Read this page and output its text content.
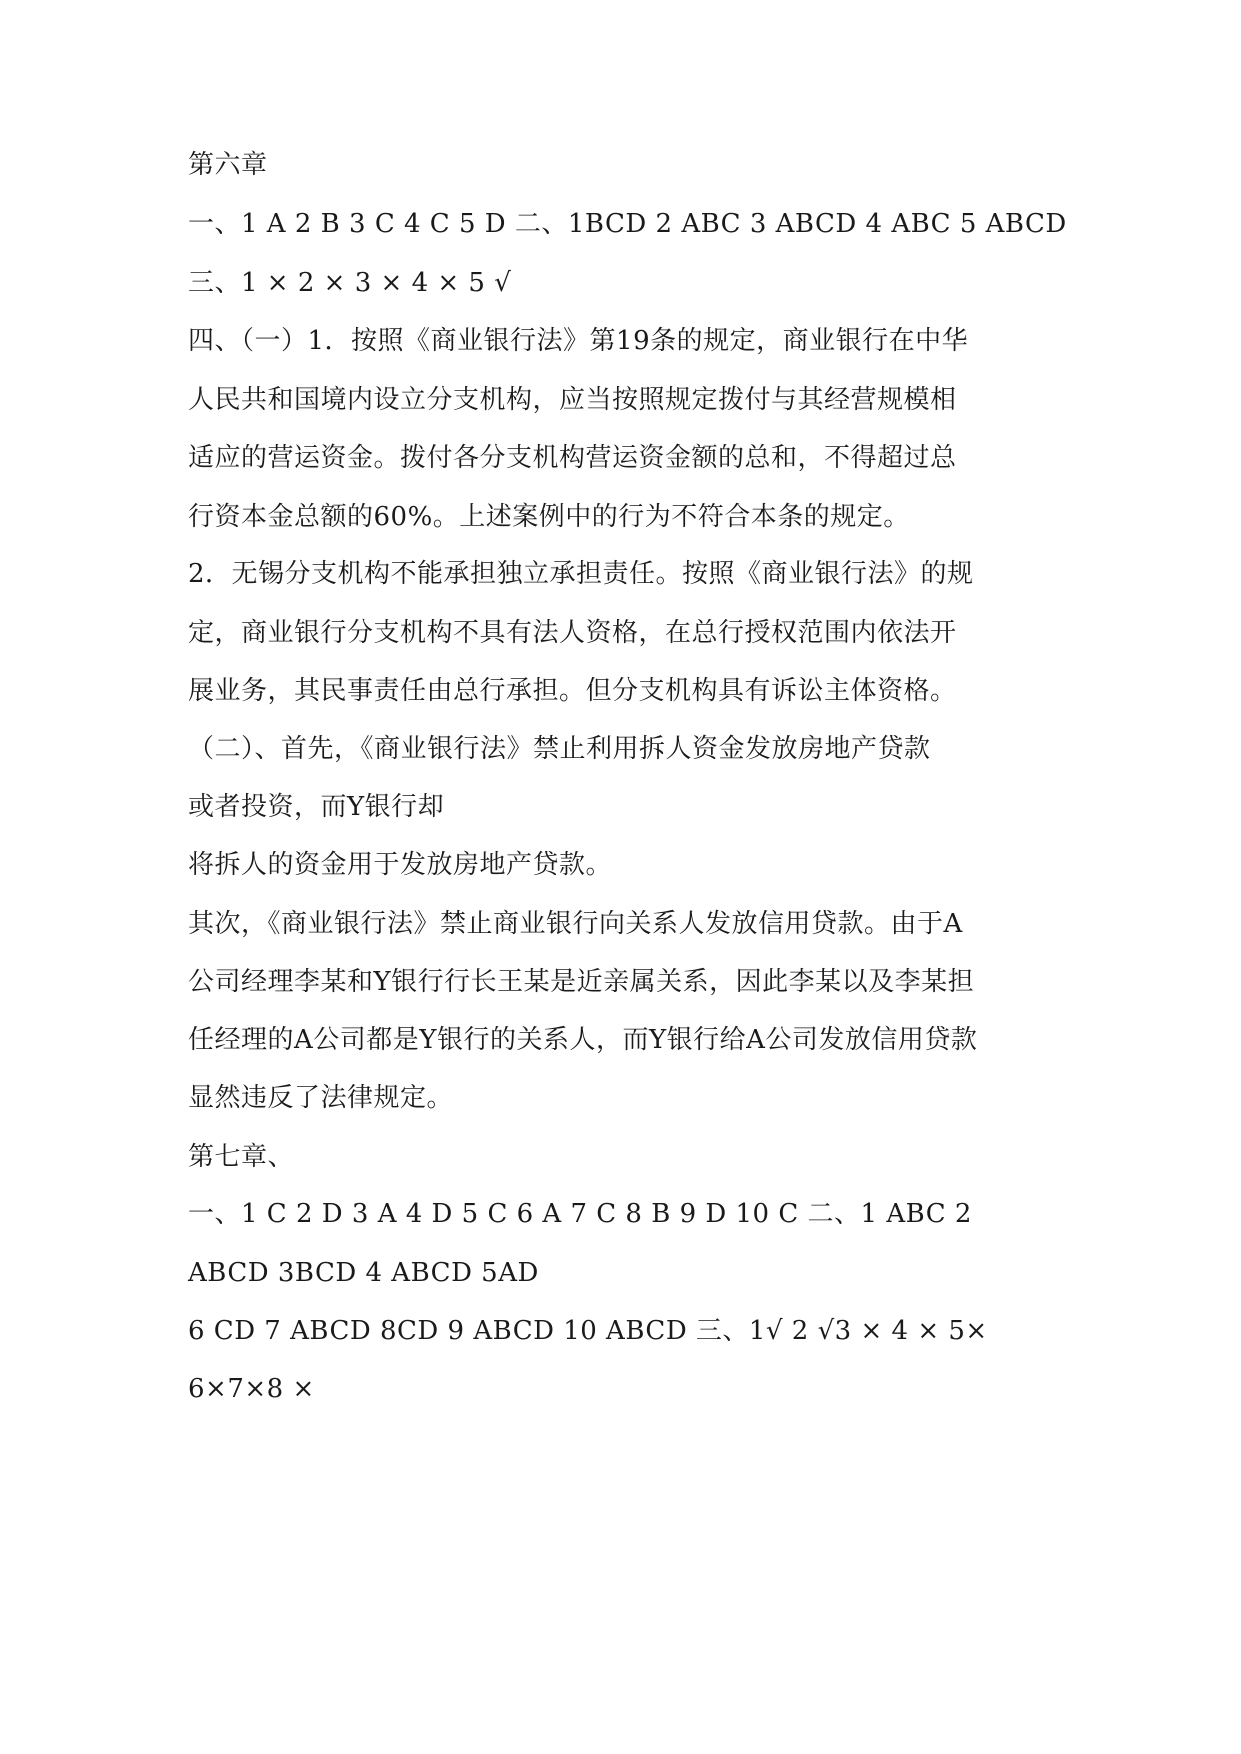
第六章

一、1 A 2 B 3 C 4 C 5 D 二、1BCD 2 ABC 3 ABCD 4 ABC 5 ABCD

三、1 × 2 × 3 × 4 × 5 √

四、（一）1．按照《商业银行法》第19条的规定，商业银行在中华

人民共和国境内设立分支机构，应当按照规定拨付与其经营规模相

适应的营运资金。拨付各分支机构营运资金额的总和，不得超过总

行资本金总额的60%。上述案例中的行为不符合本条的规定。

2．无锡分支机构不能承担独立承担责任。按照《商业银行法》的规

定，商业银行分支机构不具有法人资格，在总行授权范围内依法开

展业务，其民事责任由总行承担。但分支机构具有诉讼主体资格。

（二）、首先，《商业银行法》禁止利用拆人资金发放房地产贷款

或者投资，而Y银行却

将拆人的资金用于发放房地产贷款。

其次，《商业银行法》禁止商业银行向关系人发放信用贷款。由于A

公司经理李某和Y银行行长王某是近亲属关系，因此李某以及李某担

任经理的A公司都是Y银行的关系人，而Y银行给A公司发放信用贷款

显然违反了法律规定。

第七章、

一、1 C 2 D 3 A 4 D 5 C 6 A 7 C 8 B 9 D 10 C 二、1 ABC 2

ABCD 3BCD 4 ABCD 5AD

6 CD 7 ABCD 8CD 9 ABCD 10 ABCD 三、1√ 2 √3 × 4 × 5×

6×7×8 ×
